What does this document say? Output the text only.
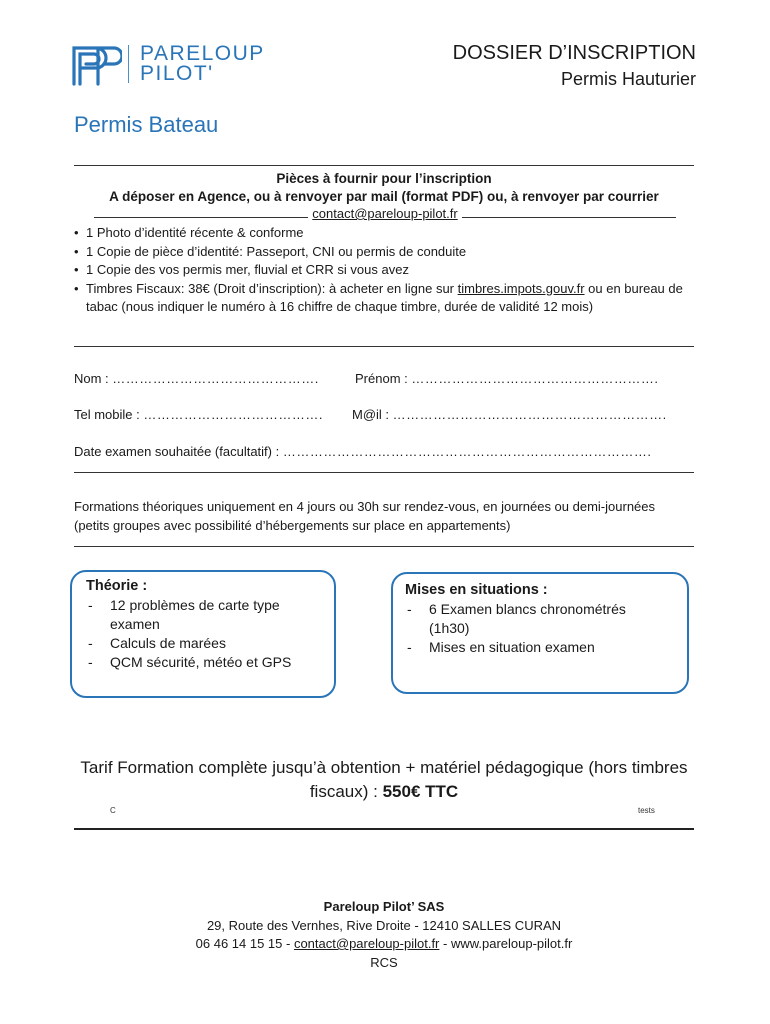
PARELOUP
PILOT'
DOSSIER D’INSCRIPTION
Permis Hauturier
Permis Bateau
Pièces à fournir pour l’inscription
A déposer en Agence, ou à renvoyer par mail (format PDF) ou, à renvoyer par courrier
contact@pareloup-pilot.fr
• 1 Photo d’identité récente & conforme
• 1 Copie de pièce d’identité: Passeport, CNI ou permis de conduite
• 1 Copie des vos permis mer, fluvial et CRR si vous avez
• Timbres Fiscaux: 38€ (Droit d’inscription): à acheter en ligne sur timbres.impots.gouv.fr ou en bureau de tabac (nous indiquer le numéro à 16 chiffre de chaque timbre, durée de validité 12 mois)
Nom : ……………………………………….	Prénom : ……………………………………………….
Tel mobile : …………………………………. M@il : …………………………………………………….
Date examen souhaitée (facultatif) : ……………………………………………………………………….
Formations théoriques uniquement en 4 jours ou 30h sur rendez-vous, en journées ou demi-journées (petits groupes avec possibilité d’hébergements sur place en appartements)
Théorie :
- 12 problèmes de carte type examen
- Calculs de marées
- QCM sécurité, météo et GPS
Mises en situations :
- 6 Examen blancs chronométrés (1h30)
- Mises en situation examen
Tarif Formation complète jusqu’à obtention + matériel pédagogique (hors timbres fiscaux) : 550€ TTC
C	tests
Pareloup Pilot’ SAS
29, Route des Vernhes, Rive Droite - 12410 SALLES CURAN
06 46 14 15 15 - contact@pareloup-pilot.fr - www.pareloup-pilot.fr
RCS
